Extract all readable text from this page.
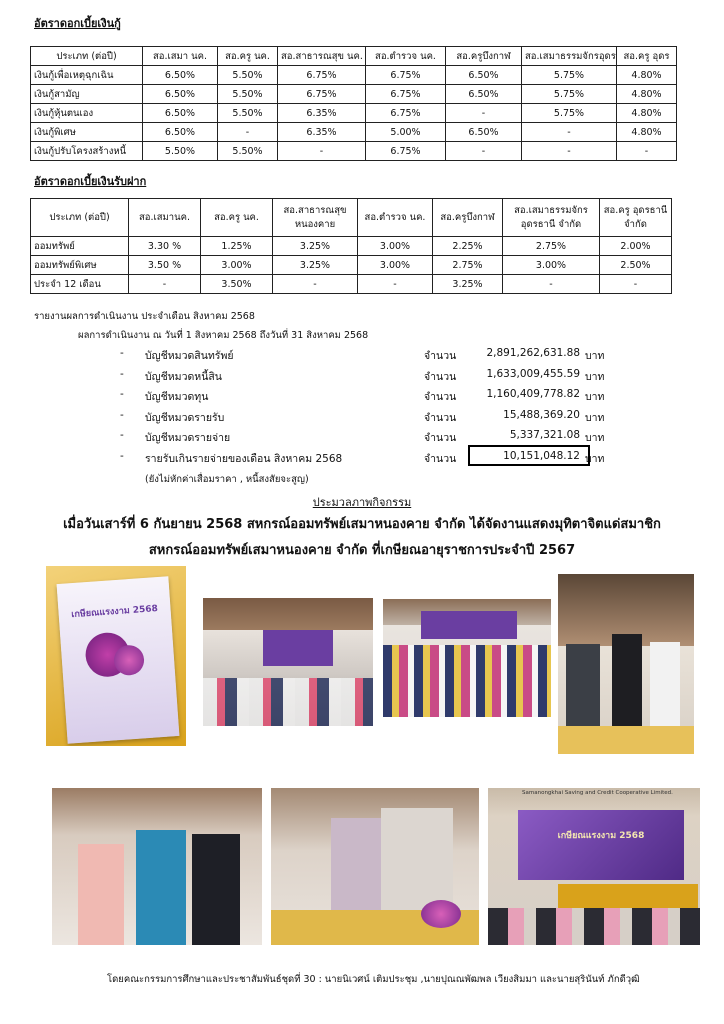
อัตราดอกเบี้ยเงินกู้
ประเภท (ต่อปี)	สอ.เสมา นค.	สอ.ครู นค.	สอ.สาธารณสุข นค.	สอ.ตำรวจ นค.	สอ.ครูบึงกาฬ	สอ.เสมาธรรมจักรอุดร	สอ.ครู อุดร
เงินกู้เพื่อเหตุฉุกเฉิน	6.50%	5.50%	6.75%	6.75%	6.50%	5.75%	4.80%
เงินกู้สามัญ	6.50%	5.50%	6.75%	6.75%	6.50%	5.75%	4.80%
เงินกู้หุ้นตนเอง	6.50%	5.50%	6.35%	6.75%	-	5.75%	4.80%
เงินกู้พิเศษ	6.50%	-	6.35%	5.00%	6.50%	-	4.80%
เงินกู้ปรับโครงสร้างหนี้	5.50%	5.50%	-	6.75%	-	-	-
อัตราดอกเบี้ยเงินรับฝาก
ประเภท (ต่อปี)	สอ.เสมานค.	สอ.ครู นค.	สอ.สาธารณสุข หนองคาย	สอ.ตำรวจ นค.	สอ.ครูบึงกาฬ	สอ.เสมาธรรมจักร อุดรธานี จำกัด	สอ.ครู อุดรธานี จำกัด
ออมทรัพย์	3.30 %	1.25%	3.25%	3.00%	2.25%	2.75%	2.00%
ออมทรัพย์พิเศษ	3.50 %	3.00%	3.25%	3.00%	2.75%	3.00%	2.50%
ประจำ 12 เดือน	-	3.50%	-	-	3.25%	-	-
รายงานผลการดำเนินงาน ประจำเดือน สิงหาคม 2568
ผลการดำเนินงาน ณ วันที่ 1 สิงหาคม 2568 ถึงวันที่ 31 สิงหาคม 2568
- บัญชีหมวดสินทรัพย์	จำนวน	2,891,262,631.88 บาท
- บัญชีหมวดหนี้สิน	จำนวน	1,633,009,455.59 บาท
- บัญชีหมวดทุน	จำนวน	1,160,409,778.82 บาท
- บัญชีหมวดรายรับ	จำนวน	15,488,369.20 บาท
- บัญชีหมวดรายจ่าย	จำนวน	5,337,321.08 บาท
- รายรับเกินรายจ่ายของเดือน สิงหาคม 2568	จำนวน	10,151,048.12 บาท
(ยังไม่หักค่าเสื่อมราคา , หนี้สงสัยจะสูญ)
ประมวลภาพกิจกรรม
เมื่อวันเสาร์ที่ 6 กันยายน 2568 สหกรณ์ออมทรัพย์เสมาหนองคาย จำกัด ได้จัดงานแสดงมุทิตาจิตแด่สมาชิก
สหกรณ์ออมทรัพย์เสมาหนองคาย จำกัด ที่เกษียณอายุราชการประจำปี 2567
เกษียณแรงงาม 2568
Samanongkhai Saving and Credit Cooperative Limited.
เกษียณแรงงาม 2568
โดยคณะกรรมการศึกษาและประชาสัมพันธ์ชุดที่ 30 : นายนิเวศน์ เติมประชุม ,นายปุณณพัฒพล เวียงสิมมา และนายสุรินันท์ ภักดีวุฒิ
